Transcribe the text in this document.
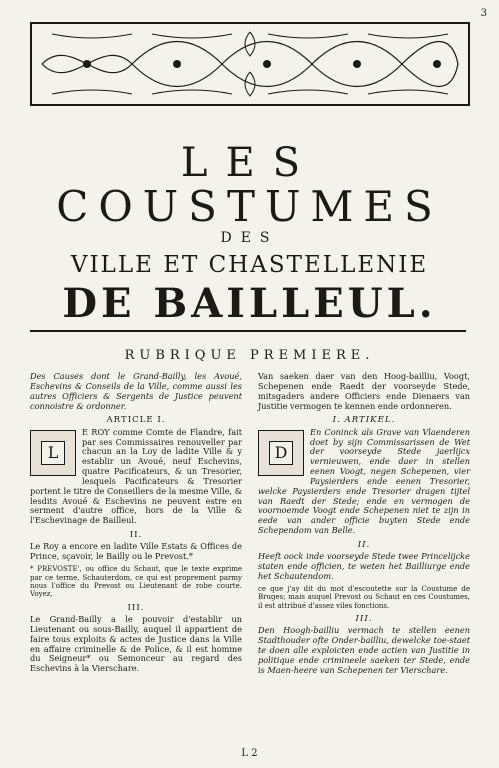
3
LES
COUSTUMES
DES
VILLE ET CHASTELLENIE
DE BAILLEUL.
RUBRIQUE PREMIERE.

Des Causes dont le Grand-Bailly, les Avoué, Eschevins & Conseils de la Ville, comme aussi les autres Officiers & Sergents de Justice peuvent connoistre & ordonner.

ARTICLE I.
L

E ROY comme Comte de Flandre, fait par ses Commissaires renouveller par chacun an la Loy de ladite Ville & y establir un Avoué, neuf Eschevins, quatre Pacificateurs, & un Tresorier, lesquels Pacificateurs & Tresorier portent le titre de Conseillers de la mesme Ville, & lesdits Avoué & Eschevins ne peuvent estre en serment d'autre office, hors de la Ville & l'Eschevinage de Bailleul.

II.

Le Roy a encore en ladite Ville Estats & Offices de Prince, sçavoir, le Bailly ou le Prevost.*

* PREVOSTE', ou office du Schaut, que le texte exprime par ce terme, Schauterdom, ce qui est proprement parmy nous l'office du Prevost ou Lieutenant de robe courte. Voyez,

III.

Le Grand-Bailly a le pouvoir d'establir un Lieutenant ou sous-Bailly, auquel il appartient de faire tous exploits & actes de Justice dans la Ville en affaire criminelle & de Police, & il est homme du Seigneur* ou Semonceur au regard des Eschevins à la Vierschare.

Van saeken daer van den Hoog-bailliu, Voogt, Schepenen ende Raedt der voorseyde Stede, mitsgaders andere Officiers ende Dienaers van Justitie vermogen te kennen ende ordonneren.

I. ARTIKEL.
D

En Coninck als Grave van Vlaenderen doet by sijn Commissarissen de Wet der voorseyde Stede jaerlijcx vernieuwen, ende daer in stellen eenen Voogt, negen Schepenen, vier Paysierders ende eenen Tresorier, welcke Paysierders ende Tresorier dragen tijtel van Raedt der Stede; ende en vermogen de voornoemde Voogt ende Schepenen niet te zijn in eede van ander officie buyten Stede ende Schependom van Belle.

II.

Heeft oock inde voorseyde Stede twee Princelijcke staten ende officien, te weten het Bailliurge ende het Schautendom.

ce que j'ay dit du mot d'escoutette sur la Coustume de Bruges; mais auquel Prevost ou Schaut en ces Coustumes, il est attribué d'assez viles fonctions.

III.

Den Hoogh-bailliu vermach te stellen eenen Stadthouder ofte Onder-bailliu, dewelcke toe-staet te doen alle exploicten ende actien van Justitie in politique ende crimineele saeken ter Stede, ende is Maen-heere van Schepenen ter Vierschare.

L 2
